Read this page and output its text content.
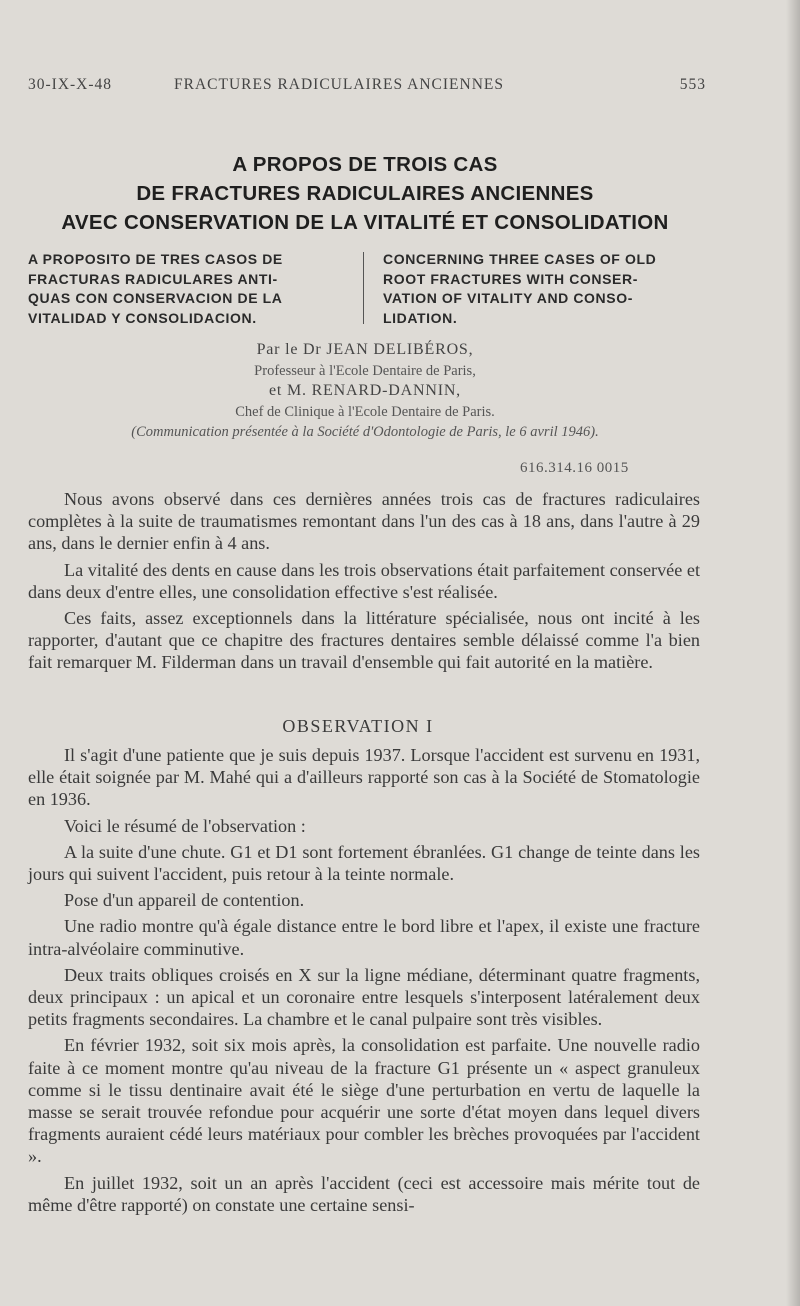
30-IX-X-48	FRACTURES RADICULAIRES ANCIENNES	553
A PROPOS DE TROIS CAS
DE FRACTURES RADICULAIRES ANCIENNES
AVEC CONSERVATION DE LA VITALITÉ ET CONSOLIDATION
A PROPOSITO DE TRES CASOS DE
FRACTURAS RADICULARES ANTI-
QUAS CON CONSERVACION DE LA
VITALIDAD Y CONSOLIDACION.
CONCERNING THREE CASES OF OLD
ROOT FRACTURES WITH CONSER-
VATION OF VITALITY AND CONSO-
LIDATION.
Par le Dr JEAN DELIBÉROS,
Professeur à l'Ecole Dentaire de Paris,
et M. RENARD-DANNIN,
Chef de Clinique à l'Ecole Dentaire de Paris.
(Communication présentée à la Société d'Odontologie de Paris, le 6 avril 1946).
616.314.16 0015

Nous avons observé dans ces dernières années trois cas de fractures radiculaires complètes à la suite de traumatismes remontant dans l'un des cas à 18 ans, dans l'autre à 29 ans, dans le dernier enfin à 4 ans.

La vitalité des dents en cause dans les trois observations était parfaitement conservée et dans deux d'entre elles, une consolidation effective s'est réalisée.

Ces faits, assez exceptionnels dans la littérature spécialisée, nous ont incité à les rapporter, d'autant que ce chapitre des fractures dentaires semble délaissé comme l'a bien fait remarquer M. Filderman dans un travail d'ensemble qui fait autorité en la matière.

OBSERVATION I

Il s'agit d'une patiente que je suis depuis 1937. Lorsque l'accident est survenu en 1931, elle était soignée par M. Mahé qui a d'ailleurs rapporté son cas à la Société de Stomatologie en 1936.

Voici le résumé de l'observation :

A la suite d'une chute. G1 et D1 sont fortement ébranlées. G1 change de teinte dans les jours qui suivent l'accident, puis retour à la teinte normale.

Pose d'un appareil de contention.

Une radio montre qu'à égale distance entre le bord libre et l'apex, il existe une fracture intra-alvéolaire comminutive.

Deux traits obliques croisés en X sur la ligne médiane, déterminant quatre fragments, deux principaux : un apical et un coronaire entre lesquels s'interposent latéralement deux petits fragments secondaires. La chambre et le canal pulpaire sont très visibles.

En février 1932, soit six mois après, la consolidation est parfaite. Une nouvelle radio faite à ce moment montre qu'au niveau de la fracture G1 présente un « aspect granuleux comme si le tissu dentinaire avait été le siège d'une perturbation en vertu de laquelle la masse se serait trouvée refondue pour acquérir une sorte d'état moyen dans lequel divers fragments auraient cédé leurs matériaux pour combler les brèches provoquées par l'accident ».

En juillet 1932, soit un an après l'accident (ceci est accessoire mais mérite tout de même d'être rapporté) on constate une certaine sensi-
